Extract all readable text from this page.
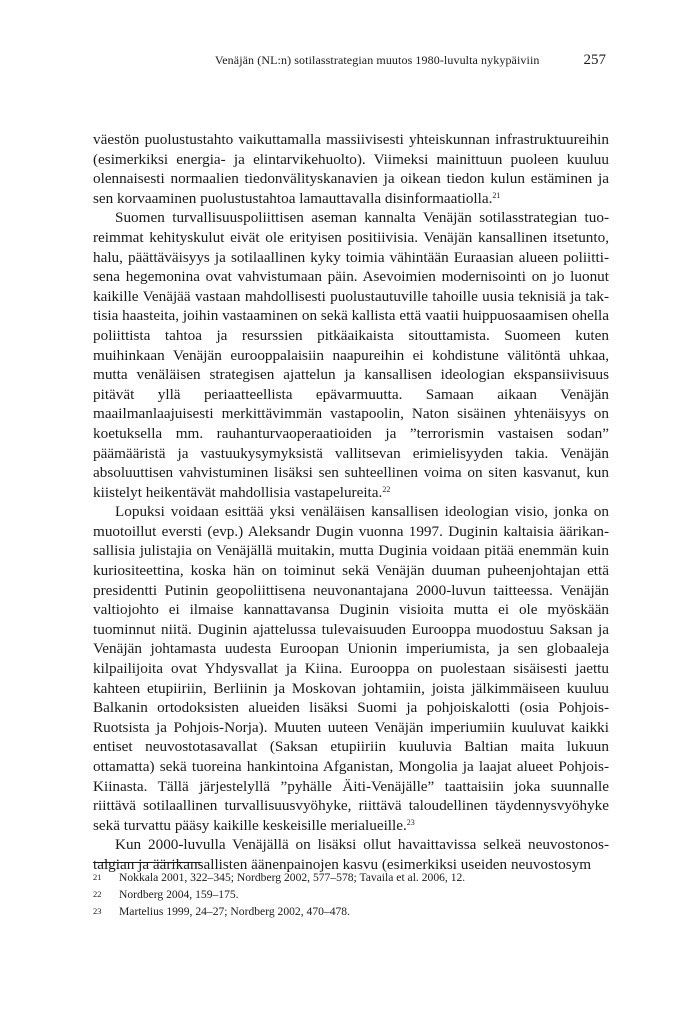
Venäjän (NL:n) sotilasstrategian muutos 1980-luvulta nykypäiviin	257

väestön puolustustahto vaikuttamalla massiivisesti yhteiskunnan infrastruktuureihin (esimerkiksi energia- ja elintarvikehuolto). Viimeksi mainittuun puoleen kuuluu olennaisesti normaalien tiedonvälityskanavien ja oikean tiedon kulun estäminen ja sen korvaaminen puolustustahtoa lamauttavalla disinformaatiolla.$^{21}$

Suomen turvallisuuspoliittisen aseman kannalta Venäjän sotilasstrategian tuoreimmat kehityskulut eivät ole erityisen positiivisia. Venäjän kansallinen itsetunto, halu, päättäväisyys ja sotilaallinen kyky toimia vähintään Euraasian alueen poliittisena hegemonina ovat vahvistumaan päin. Asevoimien modernisointi on jo luonut kaikille Venäjää vastaan mahdollisesti puolustautuville tahoille uusia teknisiä ja taktisia haasteita, joihin vastaaminen on sekä kallista että vaatii huippuosaamisen ohella poliittista tahtoa ja resurssien pitkäaikaista sitouttamista. Suomeen kuten muihinkaan Venäjän eurooppalaisiin naapureihin ei kohdistune välitöntä uhkaa, mutta venäläisen strategisen ajattelun ja kansallisen ideologian ekspansiivisuus pitävät yllä periaatteellista epävarmuutta. Samaan aikaan Venäjän maailmanlaajuisesti merkittävimmän vastapoolin, Naton sisäinen yhtenäisyys on koetuksella mm. rauhanturvaoperaatioiden ja ”terrorismin vastaisen sodan” päämääristä ja vastuukysymyksistä vallitsevan erimielisyyden takia. Venäjän absoluuttisen vahvistuminen lisäksi sen suhteellinen voima on siten kasvanut, kun kiistelyt heikentävät mahdollisia vastapelureita.$^{22}$

Lopuksi voidaan esittää yksi venäläisen kansallisen ideologian visio, jonka on muotoillut eversti (evp.) Aleksandr Dugin vuonna 1997. Duginin kaltaisia äärikansallisia julistajia on Venäjällä muitakin, mutta Duginia voidaan pitää enemmän kuin kuriositeettina, koska hän on toiminut sekä Venäjän duuman puheenjohtajan että presidentti Putinin geopoliittisena neuvonantajana 2000-luvun taitteessa. Venäjän valtiojohto ei ilmaise kannattavansa Duginin visioita mutta ei ole myöskään tuominnut niitä. Duginin ajattelussa tulevaisuuden Eurooppa muodostuu Saksan ja Venäjän johtamasta uudesta Euroopan Unionin imperiumista, ja sen globaaleja kilpailijoita ovat Yhdysvallat ja Kiina. Eurooppa on puolestaan sisäisesti jaettu kahteen etupiiriin, Berliinin ja Moskovan johtamiin, joista jälkimmäiseen kuuluu Balkanin ortodoksisten alueiden lisäksi Suomi ja pohjoiskalotti (osia Pohjois-Ruotsista ja Pohjois-Norja). Muuten uuteen Venäjän imperiumiin kuuluvat kaikki entiset neuvostotasavallat (Saksan etupiiriin kuuluvia Baltian maita lukuun ottamatta) sekä tuoreina hankintoina Afganistan, Mongolia ja laajat alueet Pohjois-Kiinasta. Tällä järjestelyllä ”pyhälle Äiti-Venäjälle” taattaisiin joka suunnalle riittävä sotilaallinen turvallisuusvyöhyke, riittävä taloudellinen täydennysvyöhyke sekä turvattu pääsy kaikille keskeisille merialueille.$^{23}$

Kun 2000-luvulla Venäjällä on lisäksi ollut havaittavissa selkeä neuvostonostalgian ja äärikansallisten äänenpainojen kasvu (esimerkiksi useiden neuvostosym

21	Nokkala 2001, 322–345; Nordberg 2002, 577–578; Tavaila et al. 2006, 12.
22	Nordberg 2004, 159–175.
23	Martelius 1999, 24–27; Nordberg 2002, 470–478.
